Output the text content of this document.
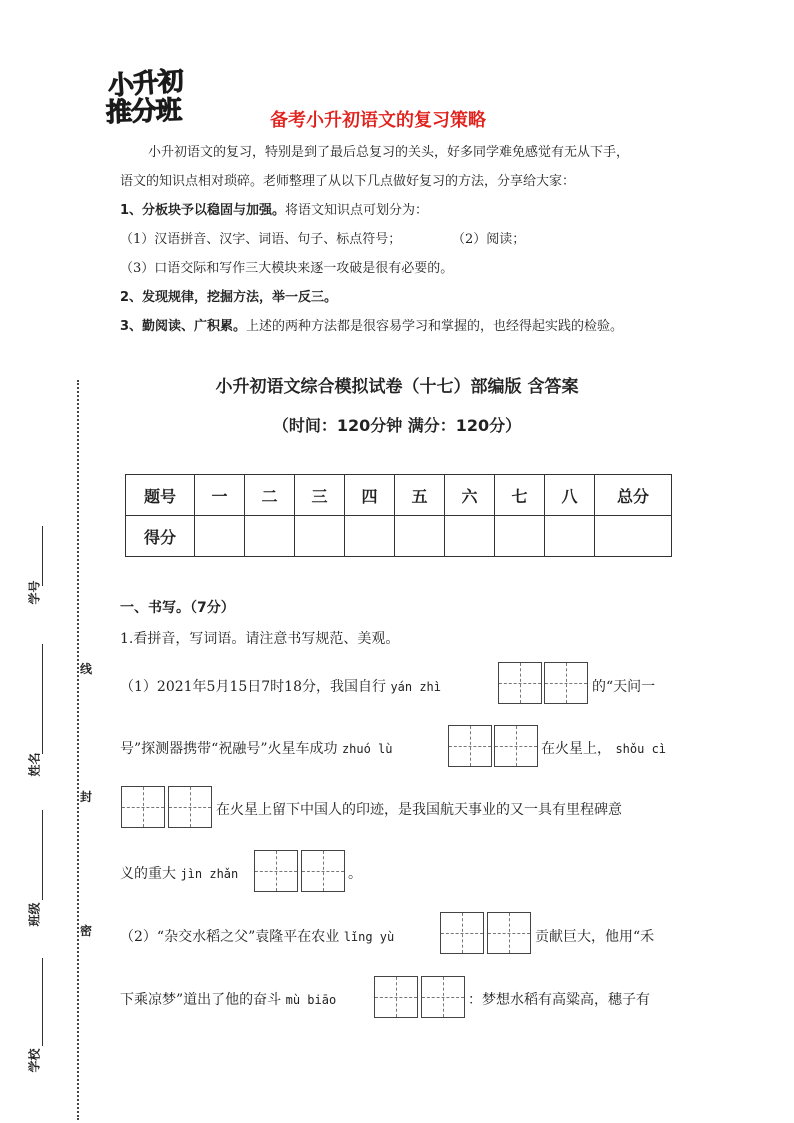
小升初
推分班	备考小升初语文的复习策略
小升初语文的复习，特别是到了最后总复习的关头，好多同学难免感觉有无从下手，
语文的知识点相对琐碎。老师整理了从以下几点做好复习的方法，分享给大家：
1、分板块予以稳固与加强。将语文知识点可划分为：
（1）汉语拼音、汉字、词语、句子、标点符号；	（2）阅读；
（3）口语交际和写作三大模块来逐一攻破是很有必要的。
2、发现规律，挖掘方法，举一反三。
3、勤阅读、广积累。上述的两种方法都是很容易学习和掌握的，也经得起实践的检验。
小升初语文综合模拟试卷（十七）部编版 含答案
（时间：120分钟 满分：120分）
题号	一	二	三	四	五	六	七	八	总分
得分									
一、书写。（7分）
1.看拼音，写词语。请注意书写规范、美观。
（1）2021年5月15日7时18分，我国自行 yán zhì	的“天问一
号”探测器携带“祝融号”火星车成功 zhuó lù	在火星上， shǒu cì
在火星上留下中国人的印迹，是我国航天事业的又一具有里程碑意
义的重大 jìn zhǎn	。
（2）“杂交水稻之父”袁隆平在农业 lǐng yù	贡献巨大，他用“禾
下乘凉梦”道出了他的奋斗 mù biāo	：梦想水稻有高粱高，穗子有
学号
姓名
班级
学校
线
封
密
